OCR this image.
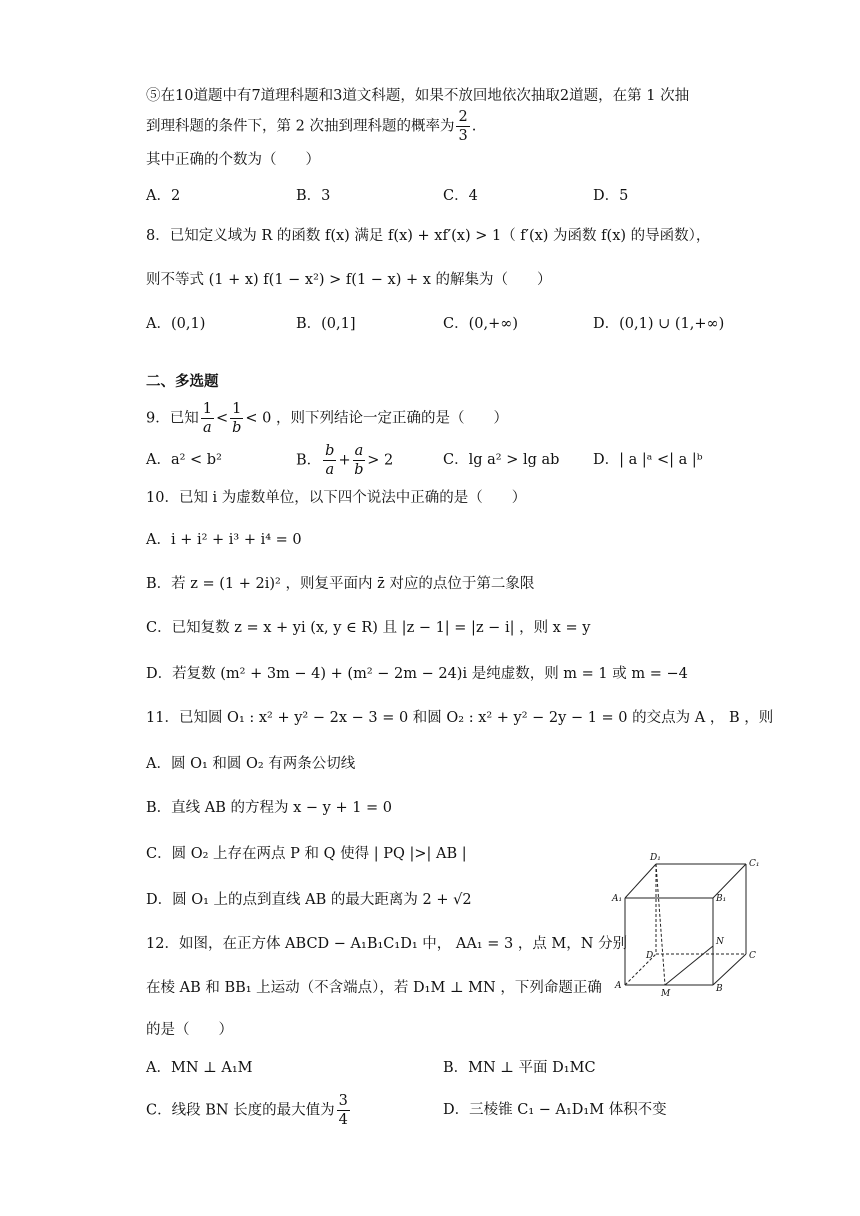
⑤在10道题中有7道理科题和3道文科题，如果不放回地依次抽取2道题，在第 1 次抽
到理科题的条件下，第 2 次抽到理科题的概率为 $\frac{2}{3}$ .
其中正确的个数为（　　）
A．2	B．3	C．4	D．5
8．已知定义域为 R 的函数 f(x) 满足 f(x) + xf′(x) > 1（ f′(x) 为函数 f(x) 的导函数），
则不等式 (1 + x) f(1 − x²) > f(1 − x) + x 的解集为（　　）
A．(0,1)	B．(0,1]	C．(0,+∞)	D．(0,1) ∪ (1,+∞)
二、多选题
9．已知 $\frac{1}{a} < \frac{1}{b} < 0$ ，则下列结论一定正确的是（　　）
A．a² < b²	B． $\frac{b}{a} + \frac{a}{b} > 2$	C．lg a² > lg ab D．| a |ᵃ <| a |ᵇ
10．已知 i 为虚数单位，以下四个说法中正确的是（　　）
A．i + i² + i³ + i⁴ = 0
B．若 z = (1 + 2i)² ，则复平面内 z̄ 对应的点位于第二象限
C．已知复数 z = x + yi (x, y ∈ R) 且 |z − 1| = |z − i| ，则 x = y
D．若复数 (m² + 3m − 4) + (m² − 2m − 24)i 是纯虚数，则 m = 1 或 m = −4
11．已知圆 O₁ : x² + y² − 2x − 3 = 0 和圆 O₂ : x² + y² − 2y − 1 = 0 的交点为 A ， B ，则
A．圆 O₁ 和圆 O₂ 有两条公切线
B．直线 AB 的方程为 x − y + 1 = 0
C．圆 O₂ 上存在两点 P 和 Q 使得 | PQ |>| AB |
D．圆 O₁ 上的点到直线 AB 的最大距离为 2 + √2
12．如图，在正方体 ABCD − A₁B₁C₁D₁ 中， AA₁ = 3 ，点 M，N 分别
在棱 AB 和 BB₁ 上运动（不含端点），若 D₁M ⊥ MN ，下列命题正确
的是（　　）
A．MN ⊥ A₁M	B．MN ⊥ 平面 D₁MC
C．线段 BN 长度的最大值为 $\frac{3}{4}$	D．三棱锥 C₁ − A₁D₁M 体积不变
D₁
C₁
A₁	B₁
D
N
C
A
M	B
